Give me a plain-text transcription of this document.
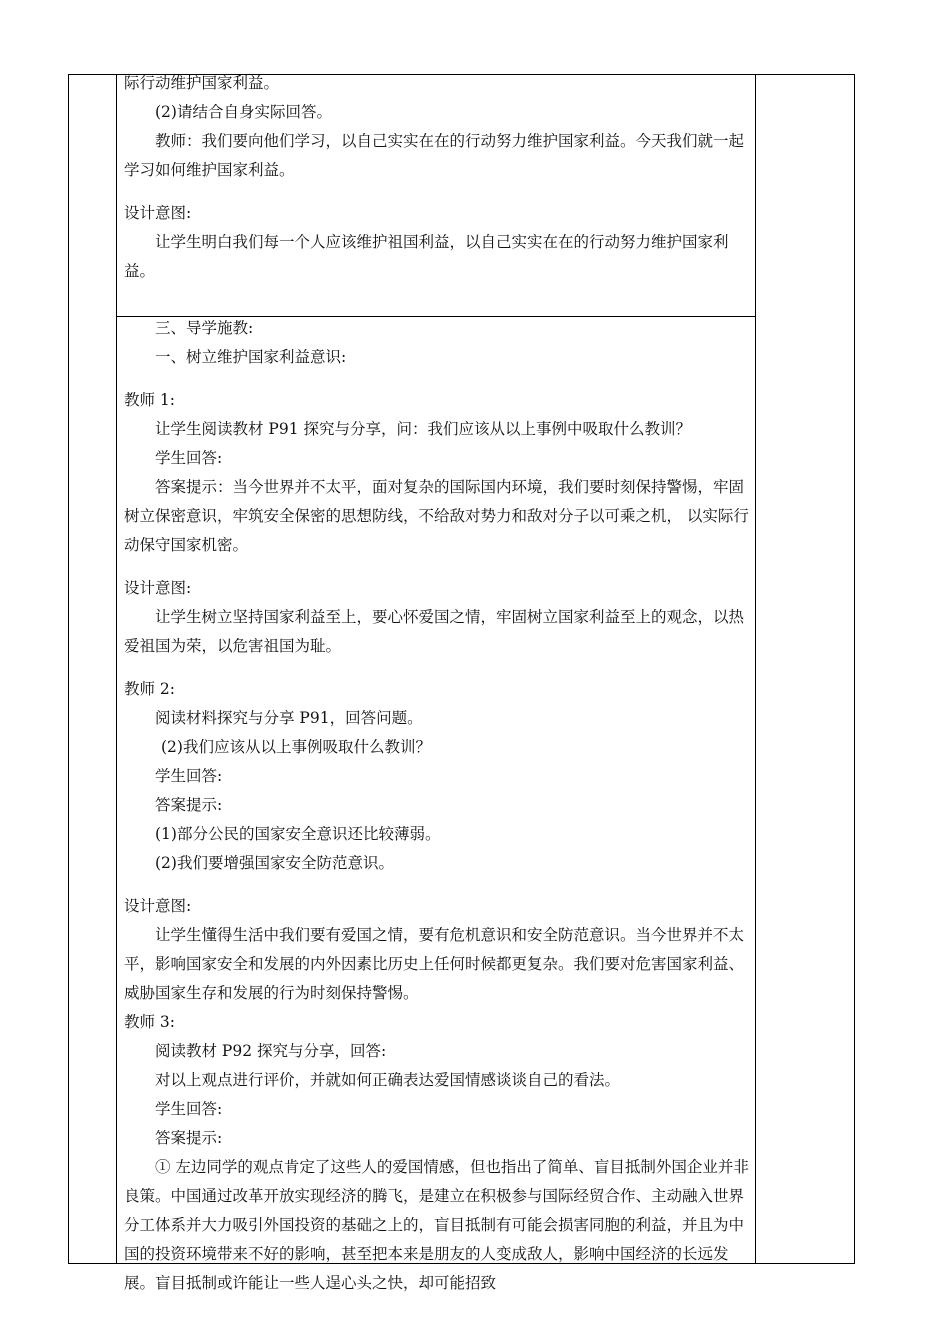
际行动维护国家利益。
(2)请结合自身实际回答。
教师：我们要向他们学习，以自己实实在在的行动努力维护国家利益。今天我们就一起学习如何维护国家利益。
设计意图:
让学生明白我们每一个人应该维护祖国利益，以自己实实在在的行动努力维护国家利益。
三、导学施教:
一、树立维护国家利益意识:
教师 1:
让学生阅读教材 P91 探究与分享，问：我们应该从以上事例中吸取什么教训？
学生回答:
答案提示：当今世界并不太平，面对复杂的国际国内环境，我们要时刻保持警惕，牢固树立保密意识，牢筑安全保密的思想防线，不给敌对势力和敌对分子以可乘之机， 以实际行动保守国家机密。
设计意图:
让学生树立坚持国家利益至上，要心怀爱国之情，牢固树立国家利益至上的观念，以热爱祖国为荣，以危害祖国为耻。
教师 2:
阅读材料探究与分享 P91，回答问题。
(2)我们应该从以上事例吸取什么教训？
学生回答:
答案提示:
(1)部分公民的国家安全意识还比较薄弱。
(2)我们要增强国家安全防范意识。
设计意图:
让学生懂得生活中我们要有爱国之情，要有危机意识和安全防范意识。当今世界并不太平，影响国家安全和发展的内外因素比历史上任何时候都更复杂。我们要对危害国家利益、威胁国家生存和发展的行为时刻保持警惕。
教师 3:
阅读教材 P92 探究与分享，回答:
对以上观点进行评价，并就如何正确表达爱国情感谈谈自己的看法。
学生回答:
答案提示:
① 左边同学的观点肯定了这些人的爱国情感，但也指出了简单、盲目抵制外国企业并非良策。中国通过改革开放实现经济的腾飞，是建立在积极参与国际经贸合作、主动融入世界分工体系并大力吸引外国投资的基础之上的，盲目抵制有可能会损害同胞的利益，并且为中国的投资环境带来不好的影响，甚至把本来是朋友的人变成敌人，影响中国经济的长远发展。盲目抵制或许能让一些人逞心头之快，却可能招致
